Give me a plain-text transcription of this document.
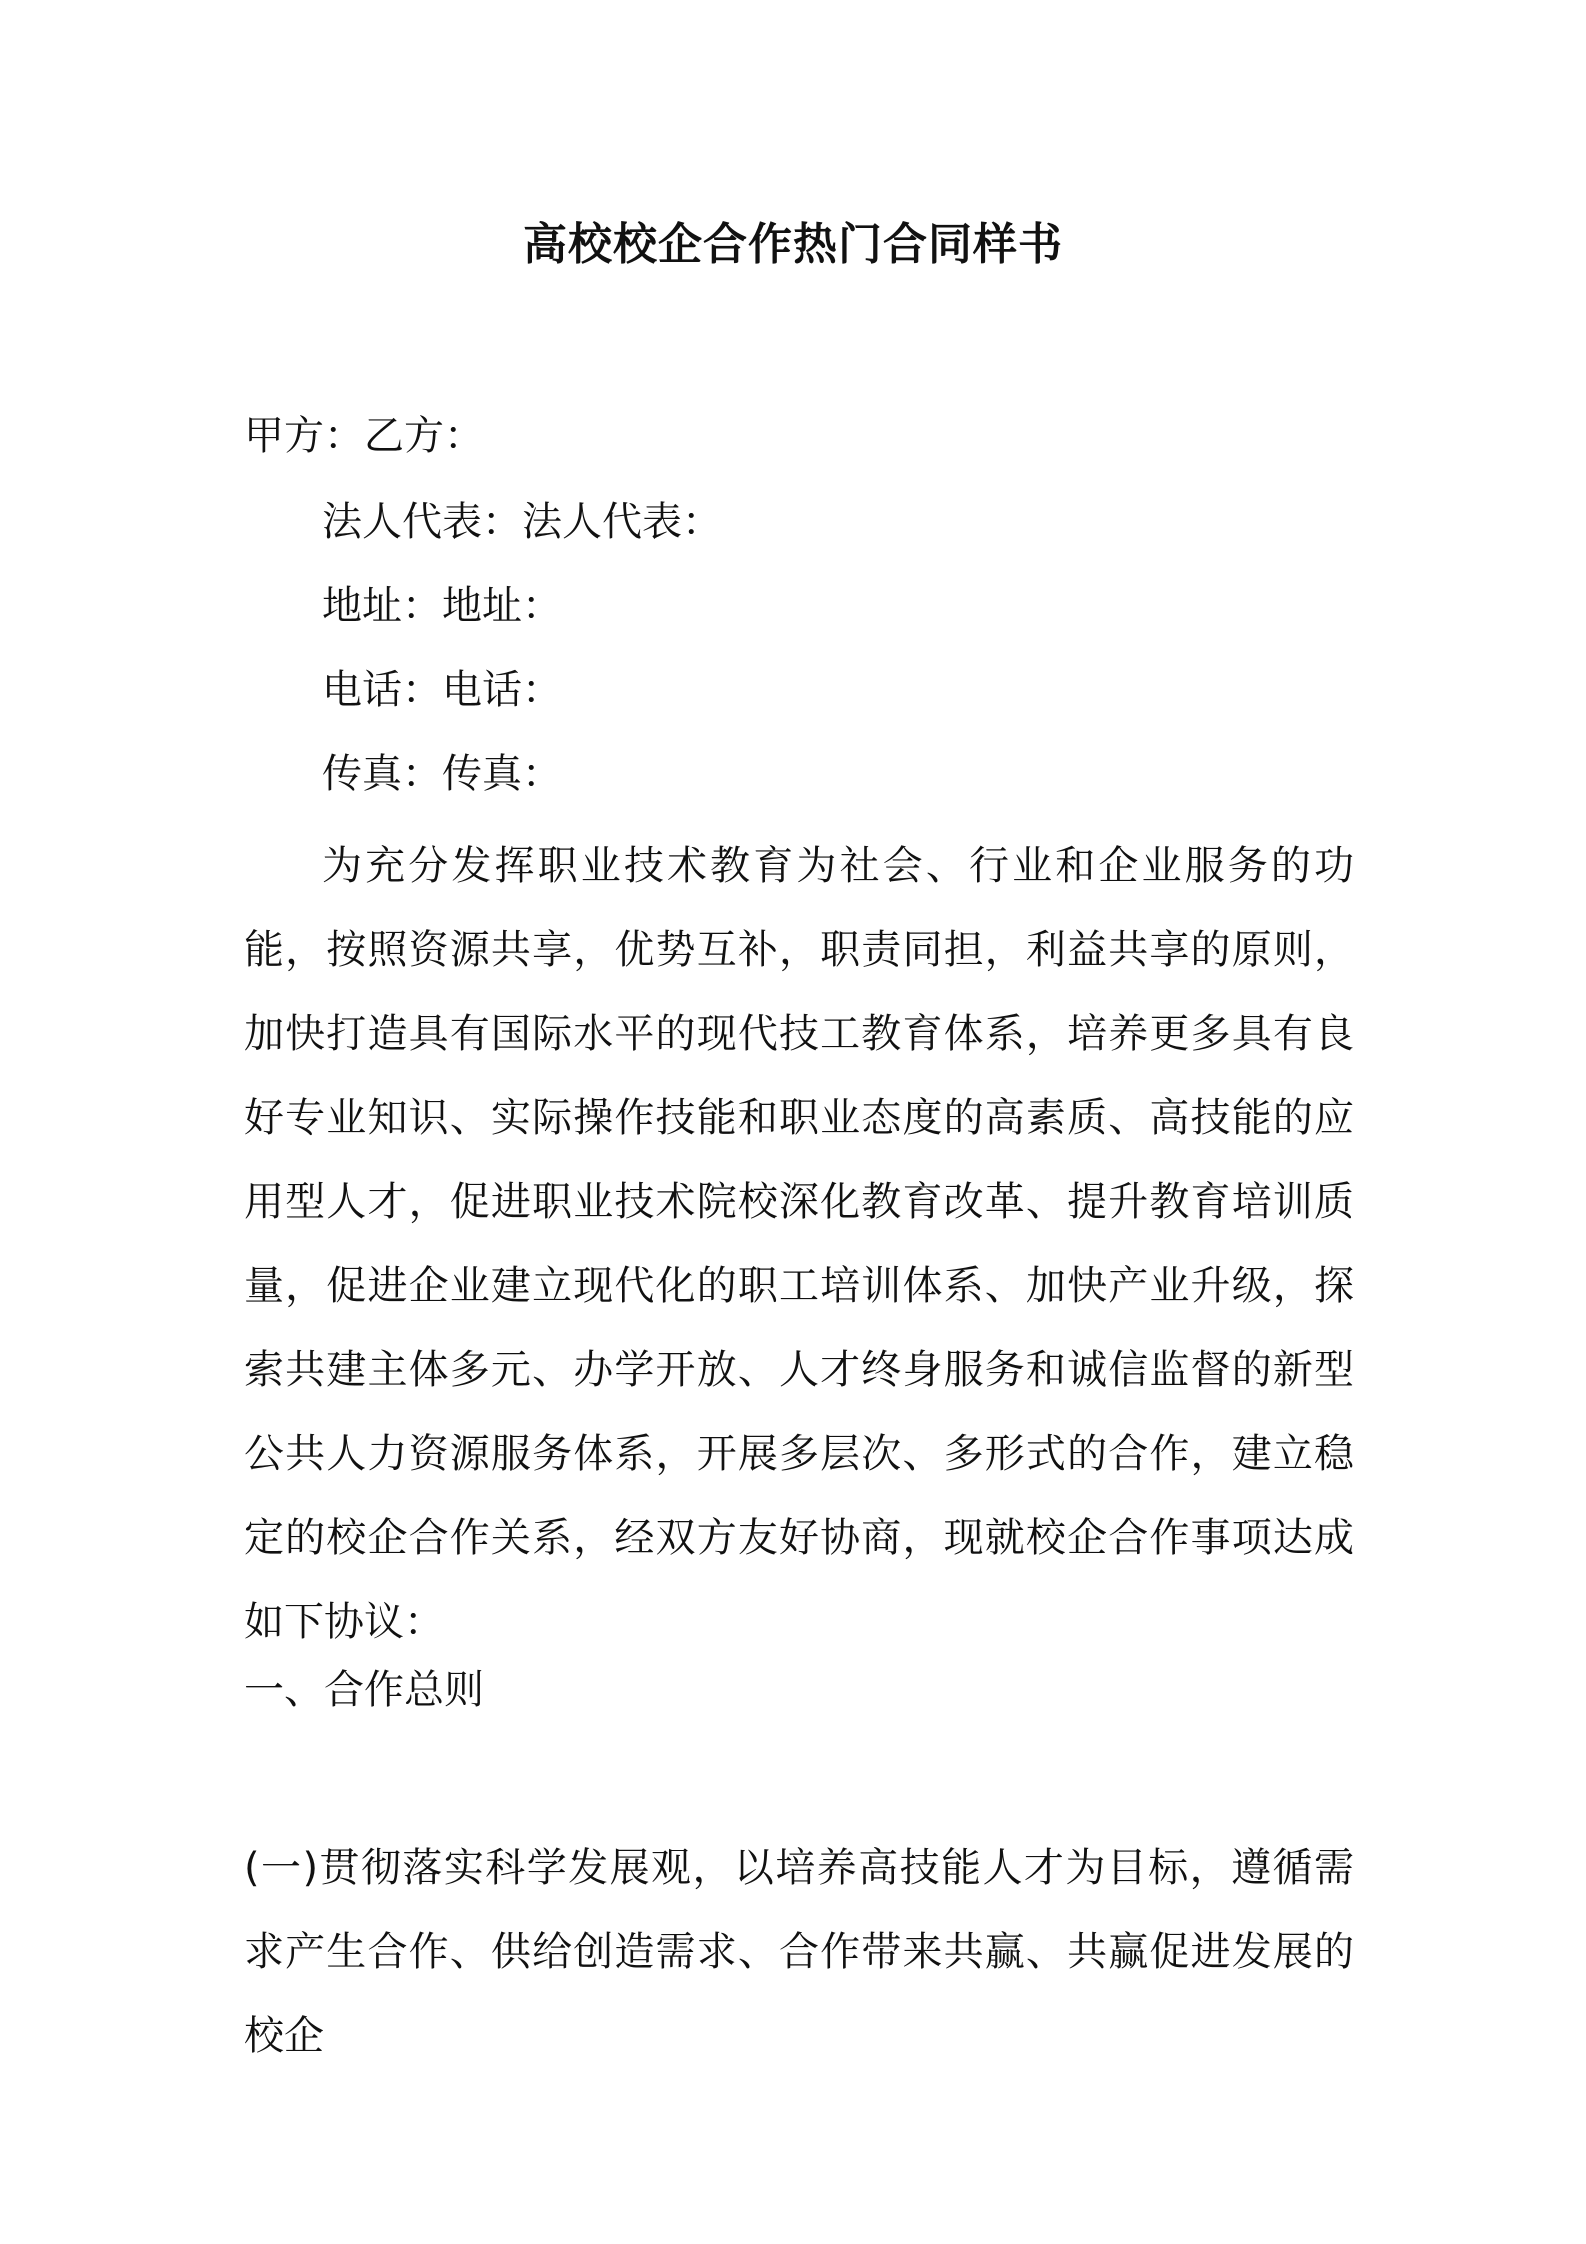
高校校企合作热门合同样书
甲方：乙方：
法人代表：法人代表：
地址：地址：
电话：电话：
传真：传真：
为充分发挥职业技术教育为社会、行业和企业服务的功能，按照资源共享，优势互补，职责同担，利益共享的原则，加快打造具有国际水平的现代技工教育体系，培养更多具有良好专业知识、实际操作技能和职业态度的高素质、高技能的应用型人才，促进职业技术院校深化教育改革、提升教育培训质量，促进企业建立现代化的职工培训体系、加快产业升级，探索共建主体多元、办学开放、人才终身服务和诚信监督的新型公共人力资源服务体系，开展多层次、多形式的合作，建立稳定的校企合作关系，经双方友好协商，现就校企合作事项达成如下协议：
一、合作总则
(一)贯彻落实科学发展观，以培养高技能人才为目标，遵循需求产生合作、供给创造需求、合作带来共赢、共赢促进发展的校企
